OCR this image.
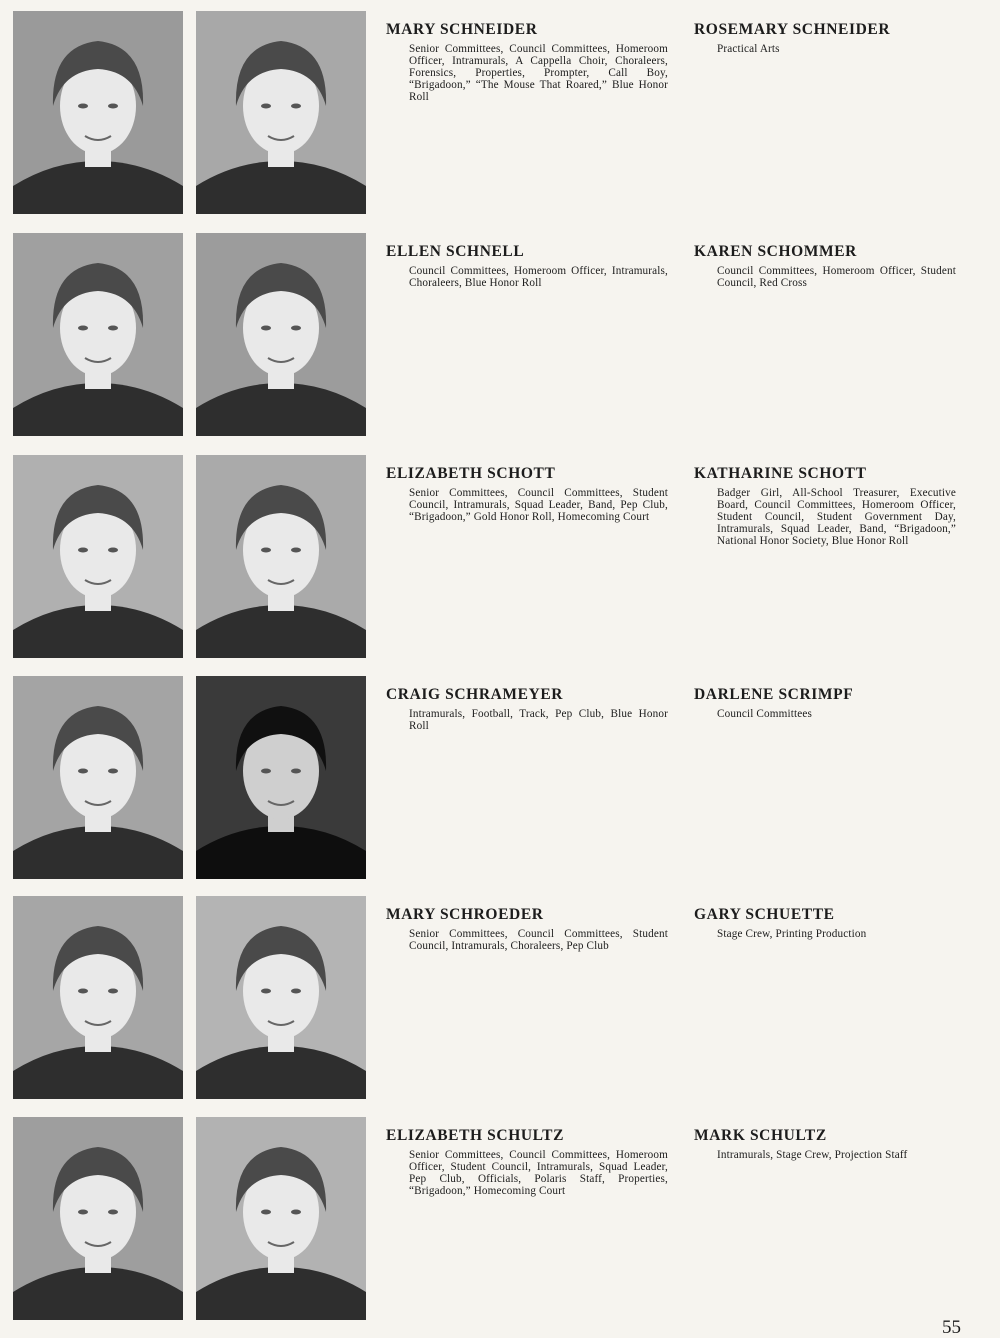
MARY SCHNEIDER
Senior Committees, Council Committees, Homeroom Officer, Intramurals, A Cappella Choir, Choraleers, Forensics, Properties, Prompter, Call Boy, “Brigadoon,” “The Mouse That Roared,” Blue Honor Roll
ROSEMARY SCHNEIDER
Practical Arts
ELLEN SCHNELL
Council Committees, Homeroom Officer, Intramurals, Choraleers, Blue Honor Roll
KAREN SCHOMMER
Council Committees, Homeroom Officer, Student Council, Red Cross
ELIZABETH SCHOTT
Senior Committees, Council Committees, Student Council, Intramurals, Squad Leader, Band, Pep Club, “Brigadoon,” Gold Honor Roll, Homecoming Court
KATHARINE SCHOTT
Badger Girl, All-School Treasurer, Executive Board, Council Committees, Homeroom Officer, Student Council, Student Government Day, Intramurals, Squad Leader, Band, “Brigadoon,” National Honor Society, Blue Honor Roll
CRAIG SCHRAMEYER
Intramurals, Football, Track, Pep Club, Blue Honor Roll
DARLENE SCRIMPF
Council Committees
MARY SCHROEDER
Senior Committees, Council Committees, Student Council, Intramurals, Choraleers, Pep Club
GARY SCHUETTE
Stage Crew, Printing Production
ELIZABETH SCHULTZ
Senior Committees, Council Committees, Homeroom Officer, Student Council, Intramurals, Squad Leader, Pep Club, Officials, Polaris Staff, Properties, “Brigadoon,” Homecoming Court
MARK SCHULTZ
Intramurals, Stage Crew, Projection Staff
55
